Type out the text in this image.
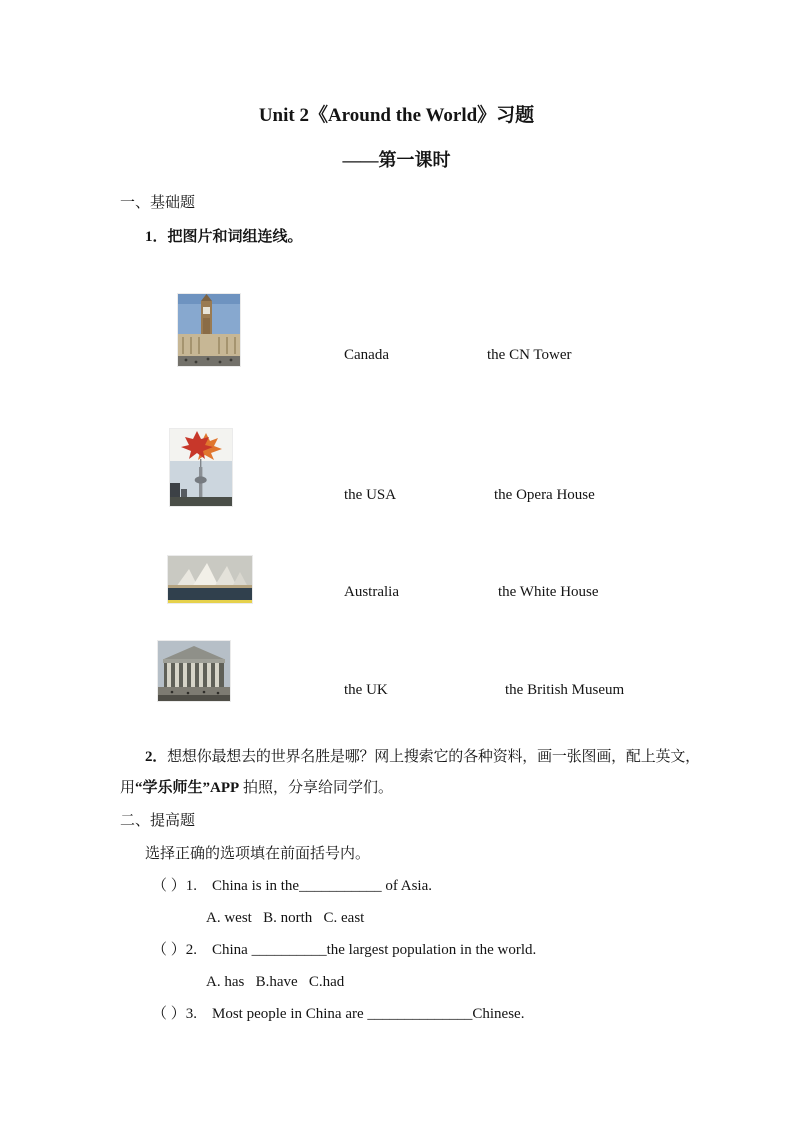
Unit 2《Around the World》习题
——第一课时
一、基础题
1．把图片和词组连线。
Canada	the CN Tower
the USA	the Opera House
Australia	the White House
the UK	the British Museum
2．想想你最想去的世界名胜是哪？网上搜索它的各种资料，画一张图画，配上英文，
用“学乐师生”APP 拍照，分享给同学们。
二、提高题
选择正确的选项填在前面括号内。
（ ）1.    China is in the___________ of Asia.
A. west   B. north   C. east
（ ）2.    China __________the largest population in the world.
A. has   B.have   C.had
（ ）3.    Most people in China are ______________Chinese.
